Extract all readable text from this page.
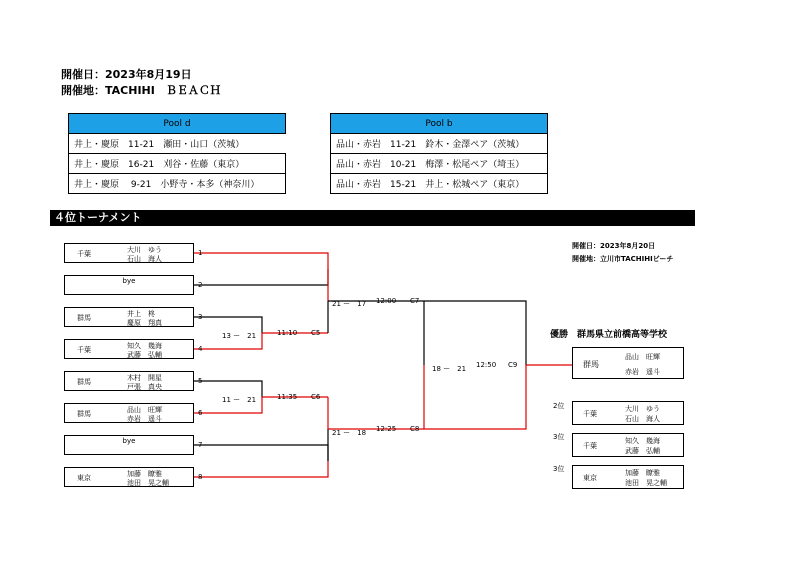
開催日：2023年8月19日
開催地：TACHIHI　ＢＥＡＣＨ
Pool d
井上・慶原　 11-21　 瀬田・山口（茨城）
井上・慶原　 16-21　 刈谷・佐藤（東京）
井上・慶原　 9-21　 小野寺・本多（神奈川）
Pool b
品山・赤岩　 11-21　 鈴木・金澤ペア（茨城）
品山・赤岩　 10-21　 梅澤・松尾ペア（埼玉）
品山・赤岩　 15-21　 井上・松城ペア（東京）
４位トーナメント
開催日：2023年8月20日
開催地：立川市TACHIHIビーチ
千葉	大川　ゆう
石山　海人
1
bye	2
群馬	井上　柊
慶原　翔真
3
千葉	知久　幾海
武藤　弘輔
4
群馬	木村　開星
戸張　真央
5
群馬	品山　旺輝
赤岩　遥斗
6
bye	7
東京	加藤　瞭雅
池田　晃之輔
8
13 ー　21	11:10 C5
11 ー　21	11:35 C6
21 ー　17 12:00 C7
21 ー　18 12:25 C8
18 ー　21 12:50 C9
優勝　群馬県立前橋高等学校
群馬
品山　旺輝
赤岩　遥斗
2位
千葉
大川　ゆう
石山　海人
3位
千葉
知久　幾海
武藤　弘輔
3位
東京
加藤　瞭雅
池田　晃之輔
